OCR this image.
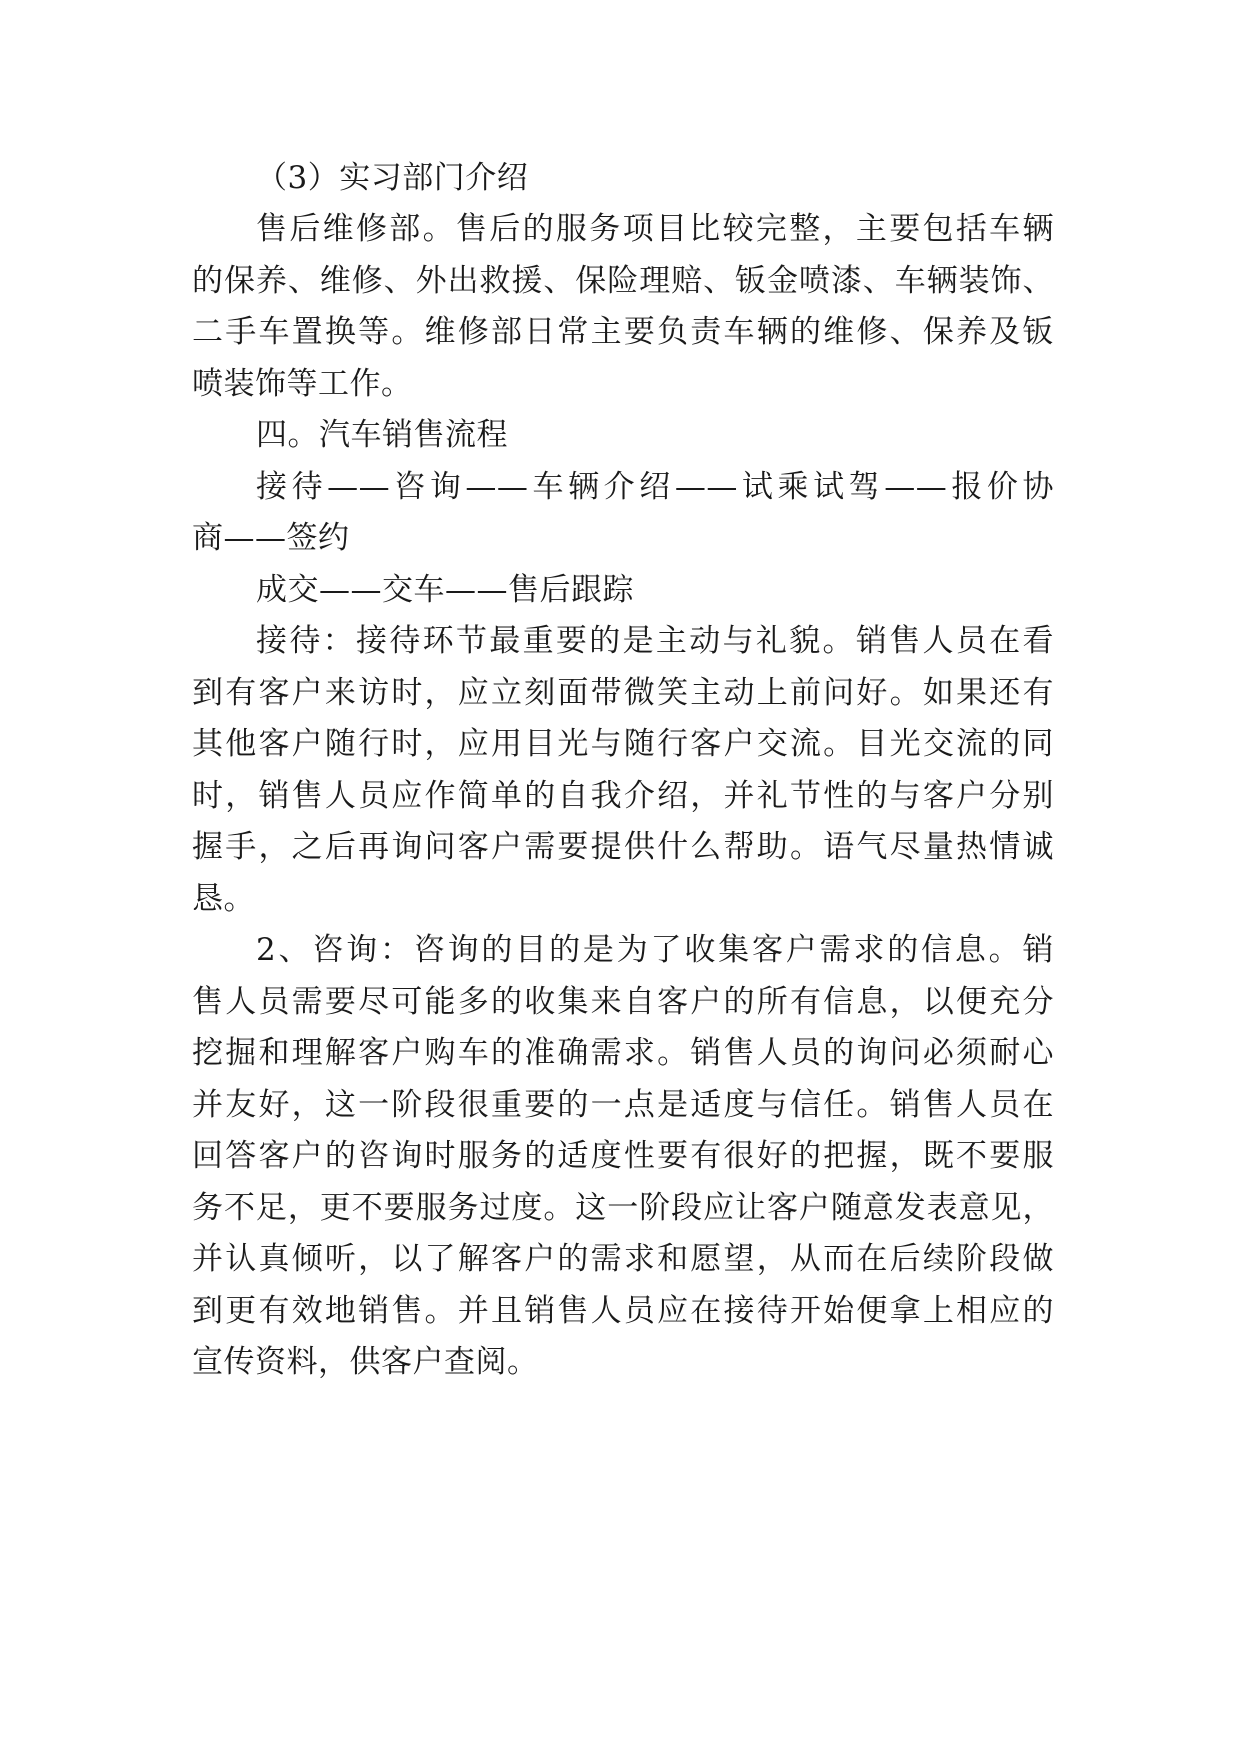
（3）实习部门介绍
售后维修部。售后的服务项目比较完整，主要包括车辆
的保养、维修、外出救援、保险理赔、钣金喷漆、车辆装饰、
二手车置换等。维修部日常主要负责车辆的维修、保养及钣
喷装饰等工作。
四。汽车销售流程
接待——咨询——车辆介绍——试乘试驾——报价协
商——签约
成交——交车——售后跟踪
接待：接待环节最重要的是主动与礼貌。销售人员在看
到有客户来访时，应立刻面带微笑主动上前问好。如果还有
其他客户随行时，应用目光与随行客户交流。目光交流的同
时，销售人员应作简单的自我介绍，并礼节性的与客户分别
握手，之后再询问客户需要提供什么帮助。语气尽量热情诚
恳。
2、咨询：咨询的目的是为了收集客户需求的信息。销
售人员需要尽可能多的收集来自客户的所有信息，以便充分
挖掘和理解客户购车的准确需求。销售人员的询问必须耐心
并友好，这一阶段很重要的一点是适度与信任。销售人员在
回答客户的咨询时服务的适度性要有很好的把握，既不要服
务不足，更不要服务过度。这一阶段应让客户随意发表意见，
并认真倾听，以了解客户的需求和愿望，从而在后续阶段做
到更有效地销售。并且销售人员应在接待开始便拿上相应的
宣传资料，供客户查阅。
